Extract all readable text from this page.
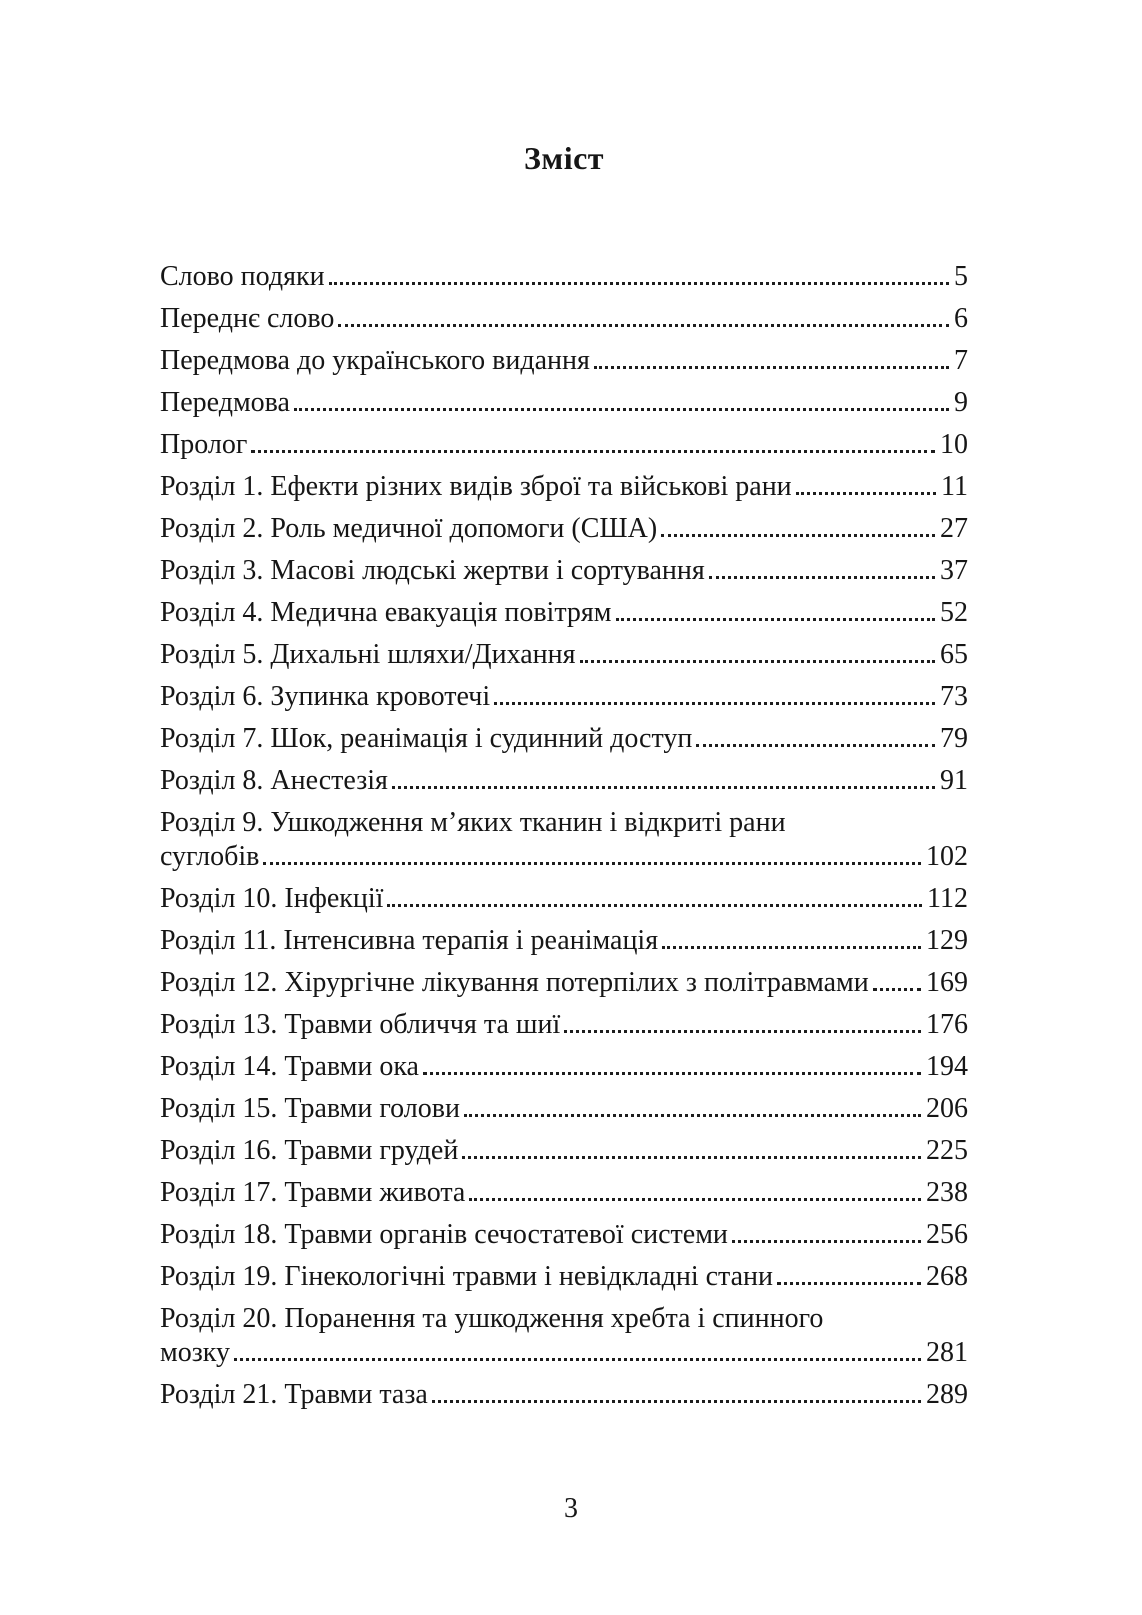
Зміст
Слово подяки	5
Переднє слово	6
Передмова до українського видання	7
Передмова	9
Пролог	10
Розділ 1. Ефекти різних видів зброї та військові рани	11
Розділ 2. Роль медичної допомоги (США)	27
Розділ 3. Масові людські жертви і сортування	37
Розділ 4. Медична евакуація повітрям	52
Розділ 5. Дихальні шляхи/Дихання	65
Розділ 6. Зупинка кровотечі	73
Розділ 7. Шок, реанімація і судинний доступ	79
Розділ 8. Анестезія	91
Розділ 9. Ушкодження м’яких тканин і відкриті рани
суглобів	102
Розділ 10. Інфекції	112
Розділ 11. Інтенсивна терапія і реанімація	129
Розділ 12. Хірургічне лікування потерпілих з політравмами 169
Розділ 13. Травми обличчя та шиї	176
Розділ 14. Травми ока	194
Розділ 15. Травми голови	206
Розділ 16. Травми грудей	225
Розділ 17. Травми живота	238
Розділ 18. Травми органів сечостатевої системи	256
Розділ 19. Гінекологічні травми і невідкладні стани	268
Розділ 20. Поранення та ушкодження хребта і спинного
мозку	281
Розділ 21. Травми таза	289
3
